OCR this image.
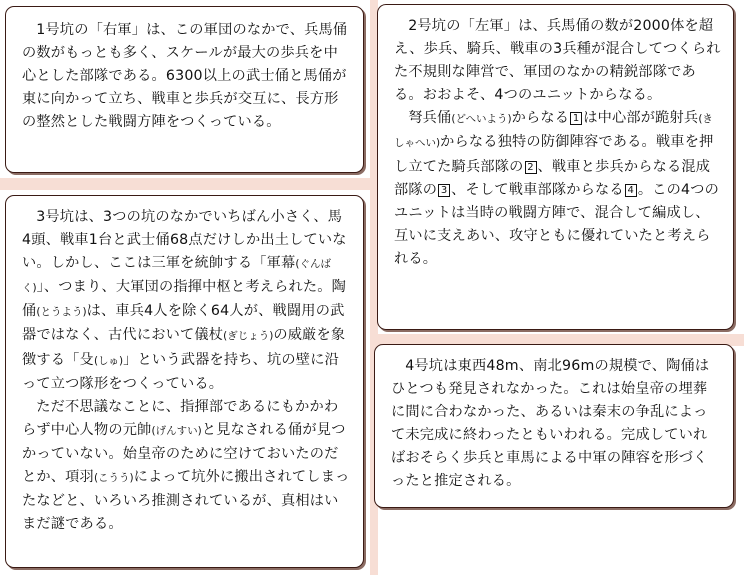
1号坑の「右軍」は、この軍団のなかで、兵馬俑の数がもっとも多く、スケールが最大の歩兵を中心とした部隊である。6300以上の武士俑と馬俑が東に向かって立ち、戦車と歩兵が交互に、長方形の整然とした戦闘方陣をつくっている。

2号坑の「左軍」は、兵馬俑の数が2000体を超え、歩兵、騎兵、戦車の3兵種が混合してつくられた不規則な陣営で、軍団のなかの精鋭部隊である。おおよそ、4つのユニットからなる。

弩兵俑(どへいよう)からなる 1 は中心部が跪射兵(きしゃへい)からなる独特の防御陣容である。戦車を押し立てた騎兵部隊の 2 、戦車と歩兵からなる混成部隊の 3 、そして戦車部隊からなる 4 。この4つのユニットは当時の戦闘方陣で、混合して編成し、互いに支えあい、攻守ともに優れていたと考えられる。

3号坑は、3つの坑のなかでいちばん小さく、馬4頭、戦車1台と武士俑68点だけしか出土していない。しかし、ここは三軍を統帥する「軍幕(ぐんばく)」、つまり、大軍団の指揮中枢と考えられた。陶俑(とうよう)は、車兵4人を除く64人が、戦闘用の武器ではなく、古代において儀杖(ぎじょう)の威厳を象徴する「殳(しゅ)」という武器を持ち、坑の壁に沿って立つ隊形をつくっている。

ただ不思議なことに、指揮部であるにもかかわらず中心人物の元帥(げんすい)と見なされる俑が見つかっていない。始皇帝のために空けておいたのだとか、項羽(こうう)によって坑外に搬出されてしまったなどと、いろいろ推測されているが、真相はいまだ謎である。

4号坑は東西48m、南北96mの規模で、陶俑はひとつも発見されなかった。これは始皇帝の埋葬に間に合わなかった、あるいは秦末の争乱によって未完成に終わったともいわれる。完成していればおそらく歩兵と車馬による中軍の陣容を形づくったと推定される。
